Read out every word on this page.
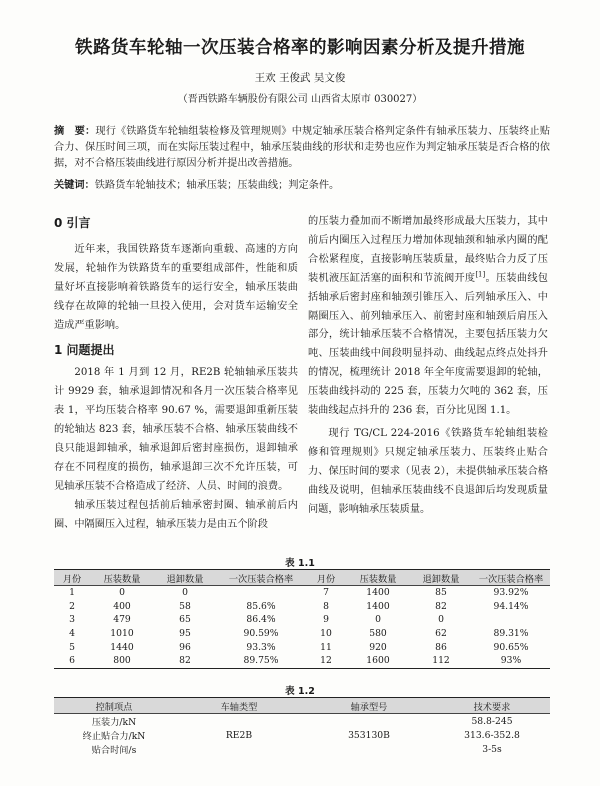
铁路货车轮轴一次压装合格率的影响因素分析及提升措施
王欢 王俊武 吴文俊
（晋西铁路车辆股份有限公司 山西省太原市 030027）
摘　要：现行《铁路货车轮轴组装检修及管理规则》中规定轴承压装合格判定条件有轴承压装力、压装终止贴合力、保压时间三项，而在实际压装过程中，轴承压装曲线的形状和走势也应作为判定轴承压装是否合格的依据，对不合格压装曲线进行原因分析并提出改善措施。
关键词：铁路货车轮轴技术；轴承压装；压装曲线；判定条件。
0 引言

近年来，我国铁路货车逐渐向重载、高速的方向发展，轮轴作为铁路货车的重要组成部件，性能和质量好坏直接影响着铁路货车的运行安全，轴承压装曲线存在故障的轮轴一旦投入使用，会对货车运输安全造成严重影响。

1 问题提出

2018 年 1 月到 12 月，RE2B 轮轴轴承压装共计 9929 套，轴承退卸情况和各月一次压装合格率见表 1，平均压装合格率 90.67 %，需要退卸重新压装的轮轴达 823 套，轴承压装不合格、轴承压装曲线不良只能退卸轴承，轴承退卸后密封座损伤，退卸轴承存在不同程度的损伤，轴承退卸三次不允许压装，可见轴承压装不合格造成了经济、人员、时间的浪费。

轴承压装过程包括前后轴承密封圈、轴承前后内圈、中隔圈压入过程，轴承压装力是由五个阶段

的压装力叠加而不断增加最终形成最大压装力，其中前后内圈压入过程压力增加体现轴颈和轴承内圈的配合松紧程度，直接影响压装质量，最终贴合力反了压装机液压缸活塞的面积和节流阀开度[1]。压装曲线包括轴承后密封座和轴颈引锥压入、后列轴承压入、中隔圈压入、前列轴承压入、前密封座和轴颈后肩压入部分，统计轴承压装不合格情况，主要包括压装力欠吨、压装曲线中间段明显抖动、曲线起点终点处抖升的情况，梳理统计 2018 年全年度需要退卸的轮轴，压装曲线抖动的 225 套，压装力欠吨的 362 套，压装曲线起点抖升的 236 套，百分比见图 1.1。

现行 TG/CL 224-2016《铁路货车轮轴组装检修和管理规则》只规定轴承压装力、压装终止贴合力、保压时间的要求（见表 2），未提供轴承压装合格曲线及说明，但轴承压装曲线不良退卸后均发现质量问题，影响轴承压装质量。

表 1.1
月份	压装数量	退卸数量	一次压装合格率	月份	压装数量	退卸数量	一次压装合格率
1	0	0		7	1400	85	93.92%
2	400	58	85.6%	8	1400	82	94.14%
3	479	65	86.4%	9	0	0	
4	1010	95	90.59%	10	580	62	89.31%
5	1440	96	93.3%	11	920	86	90.65%
6	800	82	89.75%	12	1600	112	93%
表 1.2
控制项点	车轴类型	轴承型号	技术要求
压装力/kN			58.8-245
终止贴合力/kN	RE2B	353130B	313.6-352.8
贴合时间/s			3-5s
